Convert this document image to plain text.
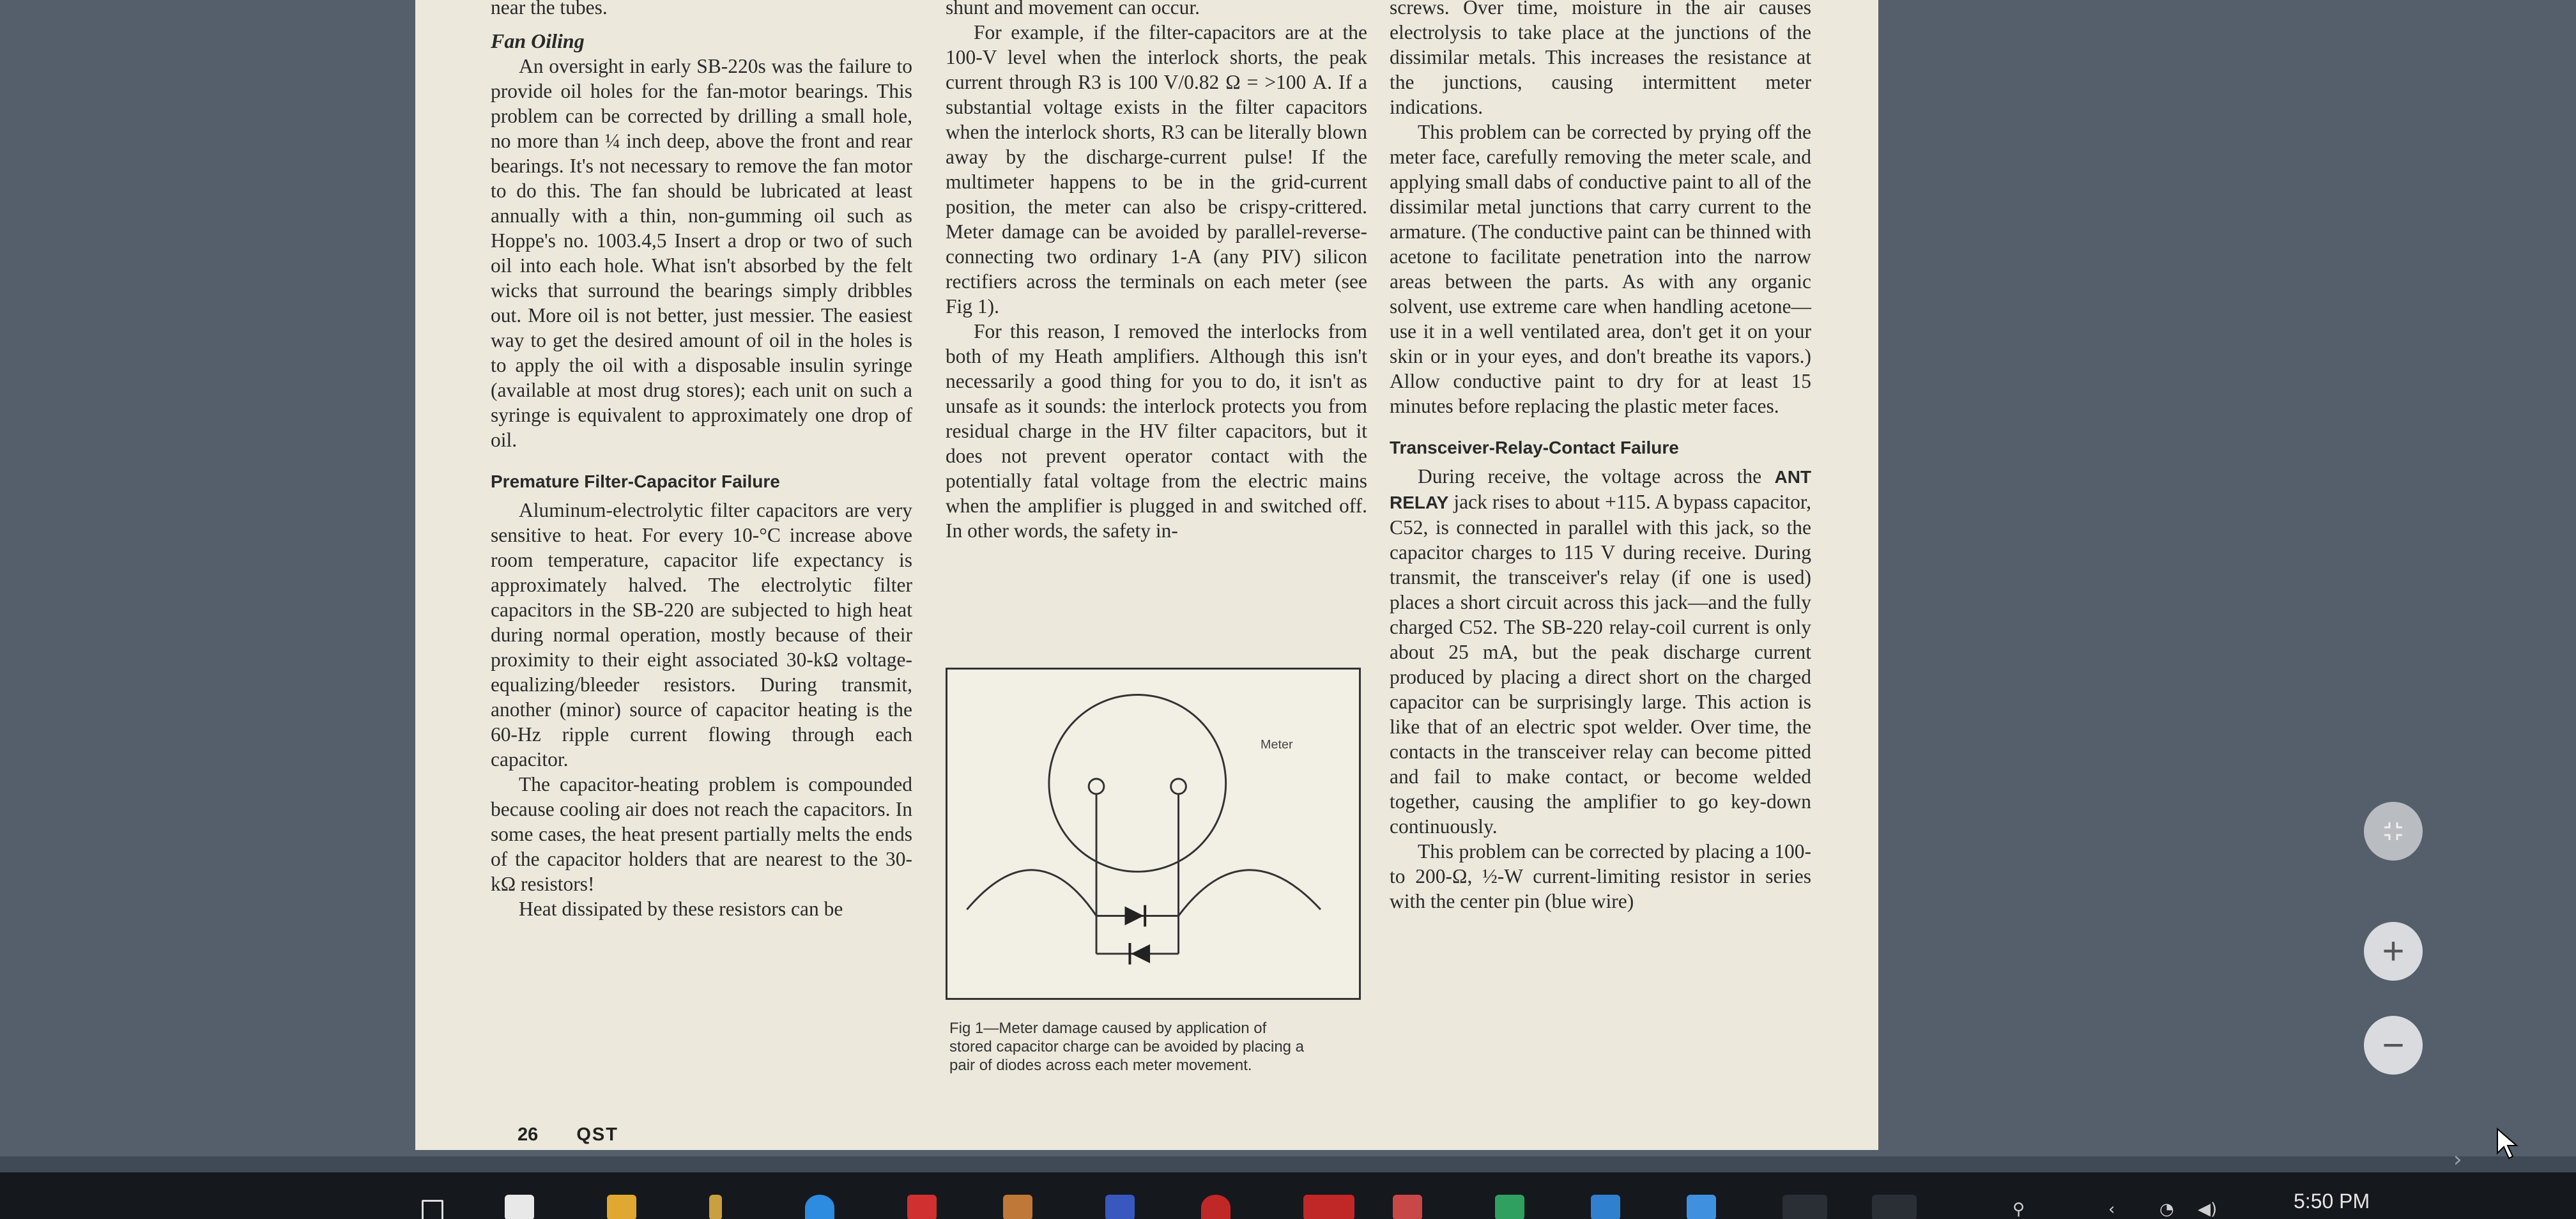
near the tubes.

Fan Oiling

An oversight in early SB-220s was the failure to provide oil holes for the fan-motor bearings. This problem can be corrected by drilling a small hole, no more than ¼ inch deep, above the front and rear bearings. It's not necessary to remove the fan motor to do this. The fan should be lubricated at least annually with a thin, non-gumming oil such as Hoppe's no. 1003.4,5 Insert a drop or two of such oil into each hole. What isn't absorbed by the felt wicks that surround the bearings simply dribbles out. More oil is not better, just messier. The easiest way to get the desired amount of oil in the holes is to apply the oil with a disposable insulin syringe (available at most drug stores); each unit on such a syringe is equivalent to approximately one drop of oil.

Premature Filter-Capacitor Failure

Aluminum-electrolytic filter capacitors are very sensitive to heat. For every 10-°C increase above room temperature, capacitor life expectancy is approximately halved. The electrolytic filter capacitors in the SB-220 are subjected to high heat during normal operation, mostly because of their proximity to their eight associated 30-kΩ voltage-equalizing/bleeder resistors. During transmit, another (minor) source of capacitor heating is the 60-Hz ripple current flowing through each capacitor.

The capacitor-heating problem is compounded because cooling air does not reach the capacitors. In some cases, the heat present partially melts the ends of the capacitor holders that are nearest to the 30-kΩ resistors!

Heat dissipated by these resistors can be

shunt and movement can occur.

For example, if the filter-capacitors are at the 100-V level when the interlock shorts, the peak current through R3 is 100 V/0.82 Ω = >100 A. If a substantial voltage exists in the filter capacitors when the interlock shorts, R3 can be literally blown away by the discharge-current pulse! If the multimeter happens to be in the grid-current position, the meter can also be crispy-crittered. Meter damage can be avoided by parallel-reverse-connecting two ordinary 1-A (any PIV) silicon rectifiers across the terminals on each meter (see Fig 1).

For this reason, I removed the interlocks from both of my Heath amplifiers. Although this isn't necessarily a good thing for you to do, it isn't as unsafe as it sounds: the interlock protects you from residual charge in the HV filter capacitors, but it does not prevent operator contact with the potentially fatal voltage from the electric mains when the amplifier is plugged in and switched off. In other words, the safety in-

Meter
Fig 1—Meter damage caused by application of stored capacitor charge can be avoided by placing a pair of diodes across each meter movement.

screws. Over time, moisture in the air causes electrolysis to take place at the junctions of the dissimilar metals. This increases the resistance at the junctions, causing intermittent meter indications.

This problem can be corrected by prying off the meter face, carefully removing the meter scale, and applying small dabs of conductive paint to all of the dissimilar metal junctions that carry current to the armature. (The conductive paint can be thinned with acetone to facilitate penetration into the narrow areas between the parts. As with any organic solvent, use extreme care when handling acetone—use it in a well ventilated area, don't get it on your skin or in your eyes, and don't breathe its vapors.) Allow conductive paint to dry for at least 15 minutes before replacing the plastic meter faces.

Transceiver-Relay-Contact Failure

During receive, the voltage across the ANT RELAY jack rises to about +115. A bypass capacitor, C52, is connected in parallel with this jack, so the capacitor charges to 115 V during receive. During transmit, the transceiver's relay (if one is used) places a short circuit across this jack—and the fully charged C52. The SB-220 relay-coil current is only about 25 mA, but the peak discharge current produced by placing a direct short on the charged capacitor can be surprisingly large. This action is like that of an electric spot welder. Over time, the contacts in the transceiver relay can become pitted and fail to make contact, or become welded together, causing the amplifier to go key-down continuously.

This problem can be corrected by placing a 100- to 200-Ω, ½-W current-limiting resistor in series with the center pin (blue wire)

26 QST
+
−
›
⚲	‹	◔ ◀)	5:50 PM
